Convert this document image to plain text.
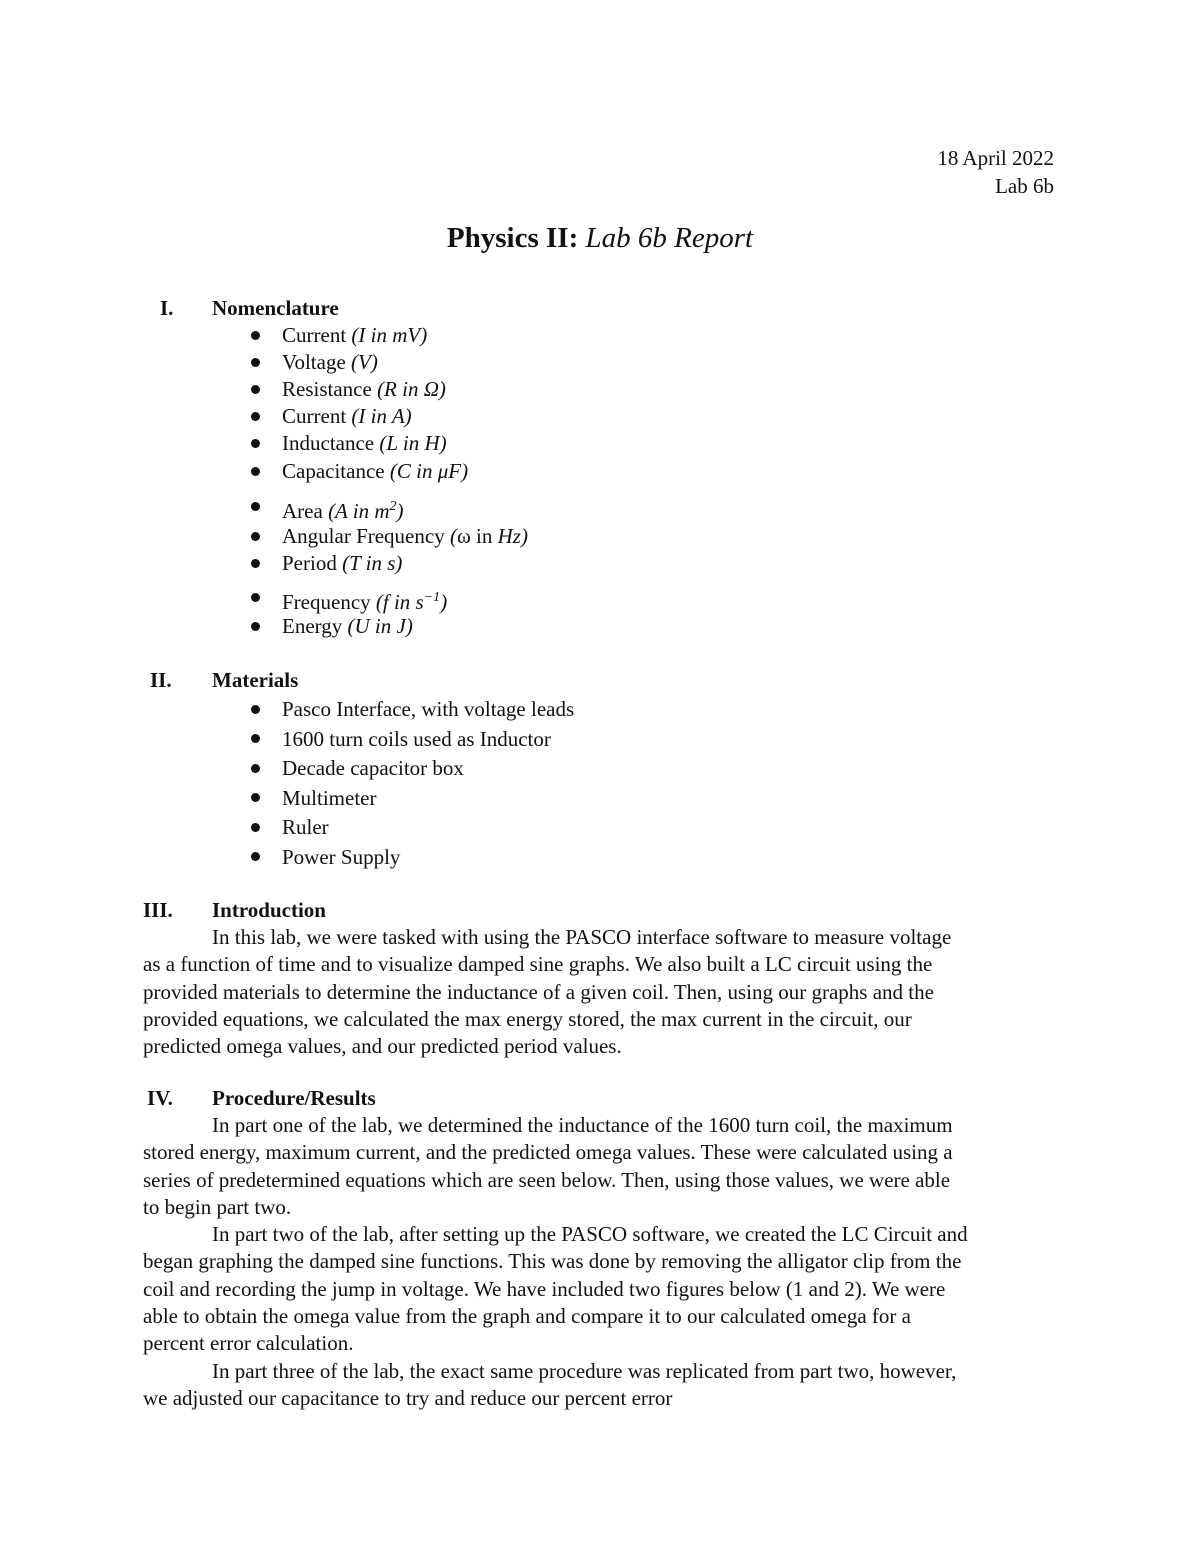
18 April 2022
Lab 6b
Physics II: Lab 6b Report
I.	Nomenclature
Current (I in mV)
Voltage (V)
Resistance (R in Ω)
Current (I in A)
Inductance (L in H)
Capacitance (C in μF)
Area (A in $m^2$)
Angular Frequency (ω in Hz)
Period (T in s)
Frequency (f in $s^{-1}$)
Energy (U in J)
II.	Materials
Pasco Interface, with voltage leads
1600 turn coils used as Inductor
Decade capacitor box
Multimeter
Ruler
Power Supply
III.	Introduction
In this lab, we were tasked with using the PASCO interface software to measure voltage
as a function of time and to visualize damped sine graphs. We also built a LC circuit using the
provided materials to determine the inductance of a given coil. Then, using our graphs and the
provided equations, we calculated the max energy stored, the max current in the circuit, our
predicted omega values, and our predicted period values.
IV.	Procedure/Results
In part one of the lab, we determined the inductance of the 1600 turn coil, the maximum
stored energy, maximum current, and the predicted omega values. These were calculated using a
series of predetermined equations which are seen below. Then, using those values, we were able
to begin part two.
In part two of the lab, after setting up the PASCO software, we created the LC Circuit and
began graphing the damped sine functions. This was done by removing the alligator clip from the
coil and recording the jump in voltage. We have included two figures below (1 and 2). We were
able to obtain the omega value from the graph and compare it to our calculated omega for a
percent error calculation.
In part three of the lab, the exact same procedure was replicated from part two, however,
we adjusted our capacitance to try and reduce our percent error
